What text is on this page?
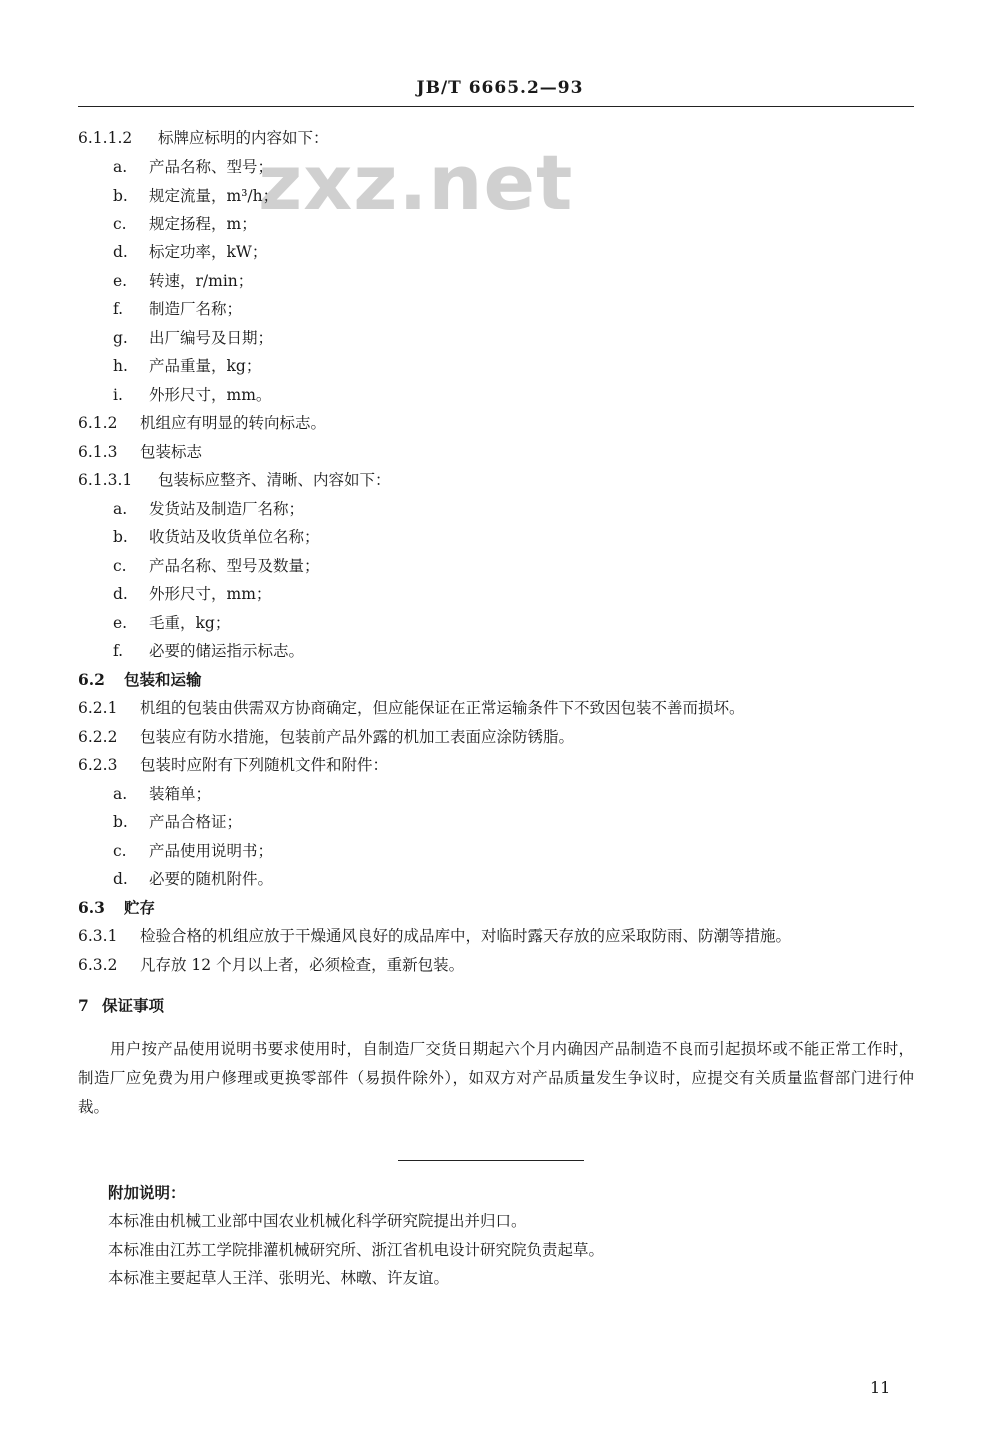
JB/T 6665.2—93
zxz.net
6.1.1.2 标牌应标明的内容如下：
a. 产品名称、型号；
b. 规定流量，m³/h；
c. 规定扬程，m；
d. 标定功率，kW；
e. 转速，r/min；
f. 制造厂名称；
g. 出厂编号及日期；
h. 产品重量，kg；
i. 外形尺寸，mm。
6.1.2 机组应有明显的转向标志。
6.1.3 包装标志
6.1.3.1 包装标应整齐、清晰、内容如下：
a. 发货站及制造厂名称；
b. 收货站及收货单位名称；
c. 产品名称、型号及数量；
d. 外形尺寸，mm；
e. 毛重，kg；
f. 必要的储运指示标志。
6.2 包装和运输
6.2.1 机组的包装由供需双方协商确定，但应能保证在正常运输条件下不致因包装不善而损坏。
6.2.2 包装应有防水措施，包装前产品外露的机加工表面应涂防锈脂。
6.2.3 包装时应附有下列随机文件和附件：
a. 装箱单；
b. 产品合格证；
c. 产品使用说明书；
d. 必要的随机附件。
6.3 贮存
6.3.1 检验合格的机组应放于干燥通风良好的成品库中，对临时露天存放的应采取防雨、防潮等措施。
6.3.2 凡存放 12 个月以上者，必须检查，重新包装。
7 保证事项
用户按产品使用说明书要求使用时，自制造厂交货日期起六个月内确因产品制造不良而引起损坏或不能正常工作时，制造厂应免费为用户修理或更换零部件（易损件除外），如双方对产品质量发生争议时，应提交有关质量监督部门进行仲裁。
附加说明：
本标准由机械工业部中国农业机械化科学研究院提出并归口。
本标准由江苏工学院排灌机械研究所、浙江省机电设计研究院负责起草。
本标准主要起草人王洋、张明光、林暾、许友谊。
11
